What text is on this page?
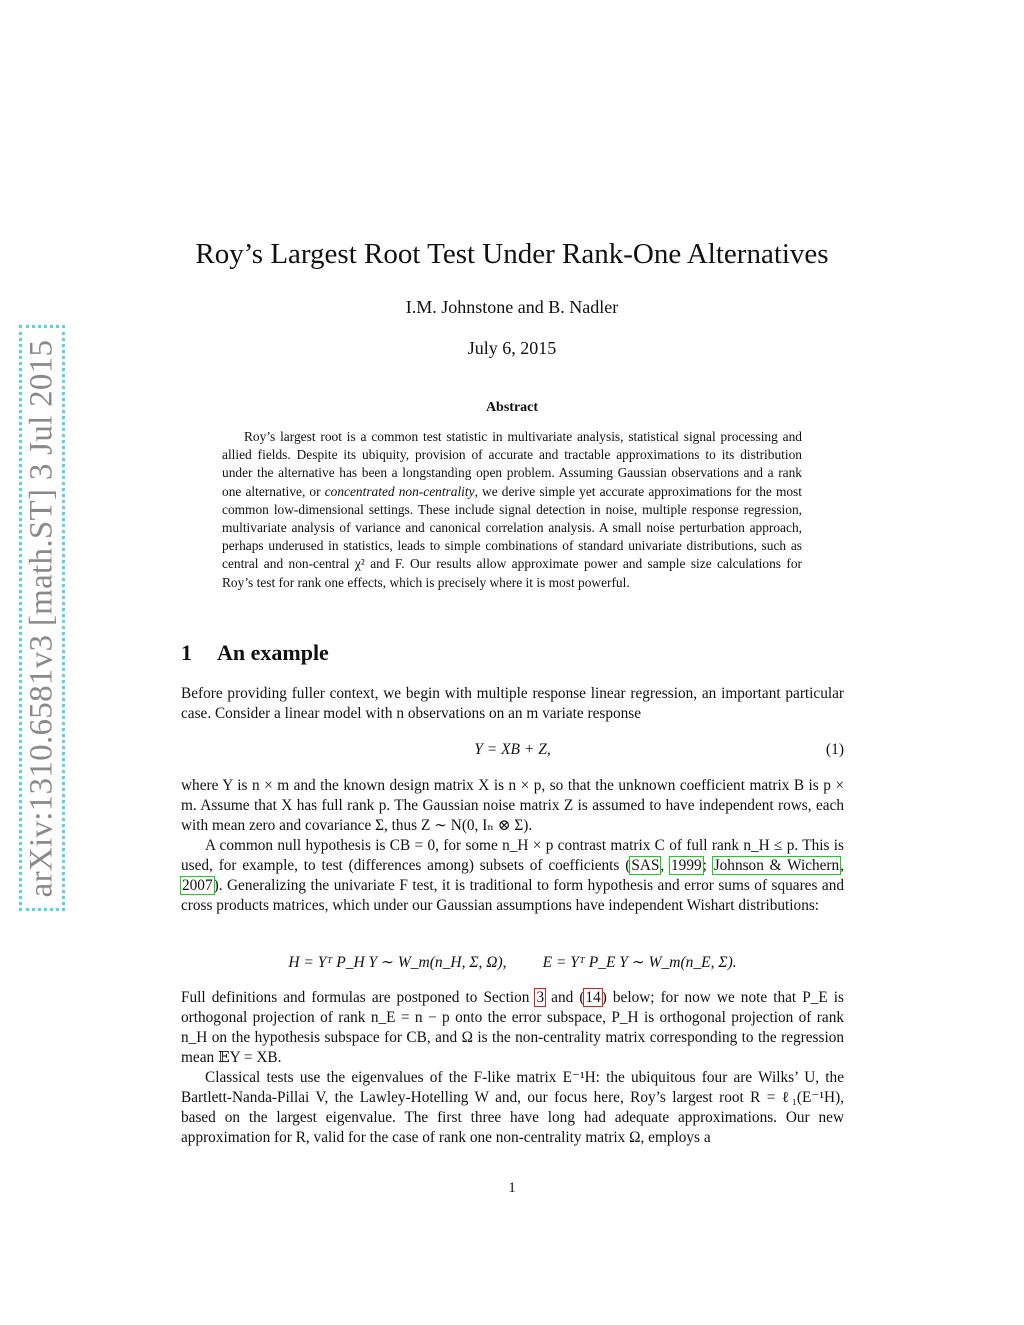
arXiv:1310.6581v3 [math.ST] 3 Jul 2015
Roy’s Largest Root Test Under Rank-One Alternatives
I.M. Johnstone and B. Nadler
July 6, 2015
Abstract
Roy’s largest root is a common test statistic in multivariate analysis, statistical signal processing and allied fields. Despite its ubiquity, provision of accurate and tractable approximations to its distribution under the alternative has been a longstanding open problem. Assuming Gaussian observations and a rank one alternative, or concentrated non-centrality, we derive simple yet accurate approximations for the most common low-dimensional settings. These include signal detection in noise, multiple response regression, multivariate analysis of variance and canonical correlation analysis. A small noise perturbation approach, perhaps underused in statistics, leads to simple combinations of standard univariate distributions, such as central and non-central χ² and F. Our results allow approximate power and sample size calculations for Roy’s test for rank one effects, which is precisely where it is most powerful.
1 An example

Before providing fuller context, we begin with multiple response linear regression, an important particular case. Consider a linear model with n observations on an m variate response

Y = XB + Z,	(1)

where Y is n × m and the known design matrix X is n × p, so that the unknown coefficient matrix B is p × m. Assume that X has full rank p. The Gaussian noise matrix Z is assumed to have independent rows, each with mean zero and covariance Σ, thus Z ∼ N(0, Iₙ ⊗ Σ).

A common null hypothesis is CB = 0, for some n_H × p contrast matrix C of full rank n_H ≤ p. This is used, for example, to test (differences among) subsets of coefficients (SAS, 1999; Johnson & Wichern, 2007). Generalizing the univariate F test, it is traditional to form hypothesis and error sums of squares and cross products matrices, which under our Gaussian assumptions have independent Wishart distributions:

H = Yᵀ P_H Y ∼ W_m(n_H, Σ, Ω), E = Yᵀ P_E Y ∼ W_m(n_E, Σ).

Full definitions and formulas are postponed to Section 3 and (14) below; for now we note that P_E is orthogonal projection of rank n_E = n − p onto the error subspace, P_H is orthogonal projection of rank n_H on the hypothesis subspace for CB, and Ω is the non-centrality matrix corresponding to the regression mean 𝔼Y = XB.

Classical tests use the eigenvalues of the F-like matrix E⁻¹H: the ubiquitous four are Wilks’ U, the Bartlett-Nanda-Pillai V, the Lawley-Hotelling W and, our focus here, Roy’s largest root R = ℓ₁(E⁻¹H), based on the largest eigenvalue. The first three have long had adequate approximations. Our new approximation for R, valid for the case of rank one non-centrality matrix Ω, employs a

1
